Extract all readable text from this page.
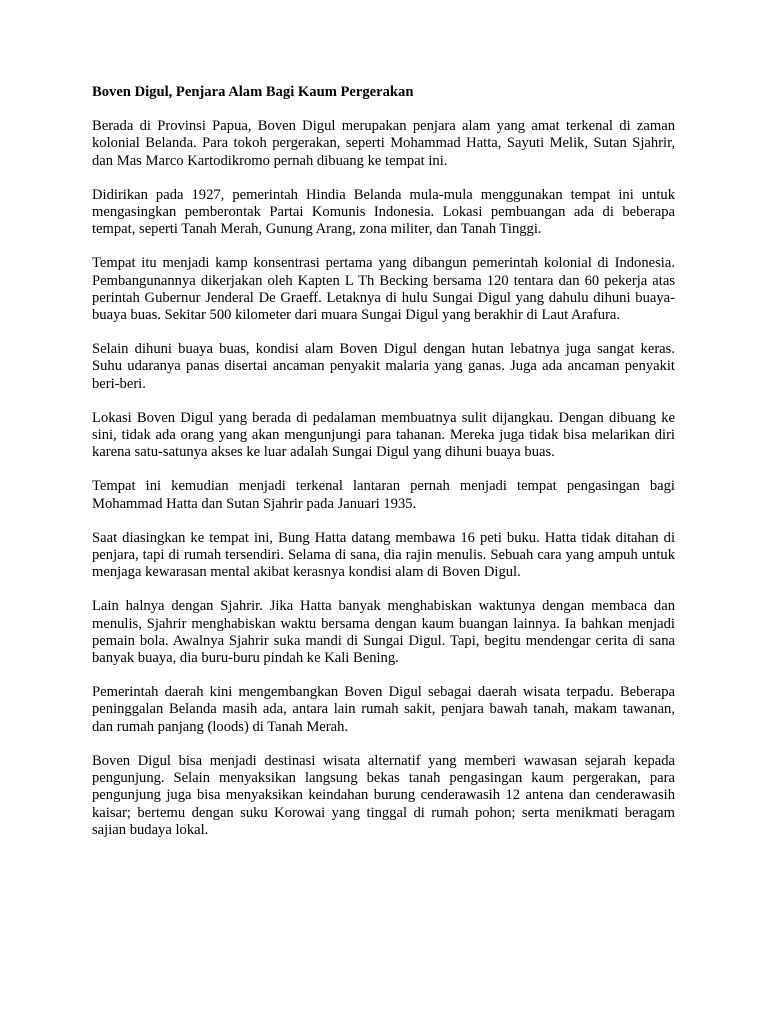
Boven Digul, Penjara Alam Bagi Kaum Pergerakan

Berada di Provinsi Papua, Boven Digul merupakan penjara alam yang amat terkenal di zaman kolonial Belanda. Para tokoh pergerakan, seperti Mohammad Hatta, Sayuti Melik, Sutan Sjahrir, dan Mas Marco Kartodikromo pernah dibuang ke tempat ini.

Didirikan pada 1927, pemerintah Hindia Belanda mula-mula menggunakan tempat ini untuk mengasingkan pemberontak Partai Komunis Indonesia. Lokasi pembuangan ada di beberapa tempat, seperti Tanah Merah, Gunung Arang, zona militer, dan Tanah Tinggi.

Tempat itu menjadi kamp konsentrasi pertama yang dibangun pemerintah kolonial di Indonesia. Pembangunannya dikerjakan oleh Kapten L Th Becking bersama 120 tentara dan 60 pekerja atas perintah Gubernur Jenderal De Graeff. Letaknya di hulu Sungai Digul yang dahulu dihuni buaya-buaya buas. Sekitar 500 kilometer dari muara Sungai Digul yang berakhir di Laut Arafura.

Selain dihuni buaya buas, kondisi alam Boven Digul dengan hutan lebatnya juga sangat keras. Suhu udaranya panas disertai ancaman penyakit malaria yang ganas. Juga ada ancaman penyakit beri-beri.

Lokasi Boven Digul yang berada di pedalaman membuatnya sulit dijangkau. Dengan dibuang ke sini, tidak ada orang yang akan mengunjungi para tahanan. Mereka juga tidak bisa melarikan diri karena satu-satunya akses ke luar adalah Sungai Digul yang dihuni buaya buas.

Tempat ini kemudian menjadi terkenal lantaran pernah menjadi tempat pengasingan bagi Mohammad Hatta dan Sutan Sjahrir pada Januari 1935.

Saat diasingkan ke tempat ini, Bung Hatta datang membawa 16 peti buku. Hatta tidak ditahan di penjara, tapi di rumah tersendiri. Selama di sana, dia rajin menulis. Sebuah cara yang ampuh untuk menjaga kewarasan mental akibat kerasnya kondisi alam di Boven Digul.

Lain halnya dengan Sjahrir. Jika Hatta banyak menghabiskan waktunya dengan membaca dan menulis, Sjahrir menghabiskan waktu bersama dengan kaum buangan lainnya. Ia bahkan menjadi pemain bola. Awalnya Sjahrir suka mandi di Sungai Digul. Tapi, begitu mendengar cerita di sana banyak buaya, dia buru-buru pindah ke Kali Bening.

Pemerintah daerah kini mengembangkan Boven Digul sebagai daerah wisata terpadu. Beberapa peninggalan Belanda masih ada, antara lain rumah sakit, penjara bawah tanah, makam tawanan, dan rumah panjang (loods) di Tanah Merah.

Boven Digul bisa menjadi destinasi wisata alternatif yang memberi wawasan sejarah kepada pengunjung. Selain menyaksikan langsung bekas tanah pengasingan kaum pergerakan, para pengunjung juga bisa menyaksikan keindahan burung cenderawasih 12 antena dan cenderawasih kaisar; bertemu dengan suku Korowai yang tinggal di rumah pohon; serta menikmati beragam sajian budaya lokal.
